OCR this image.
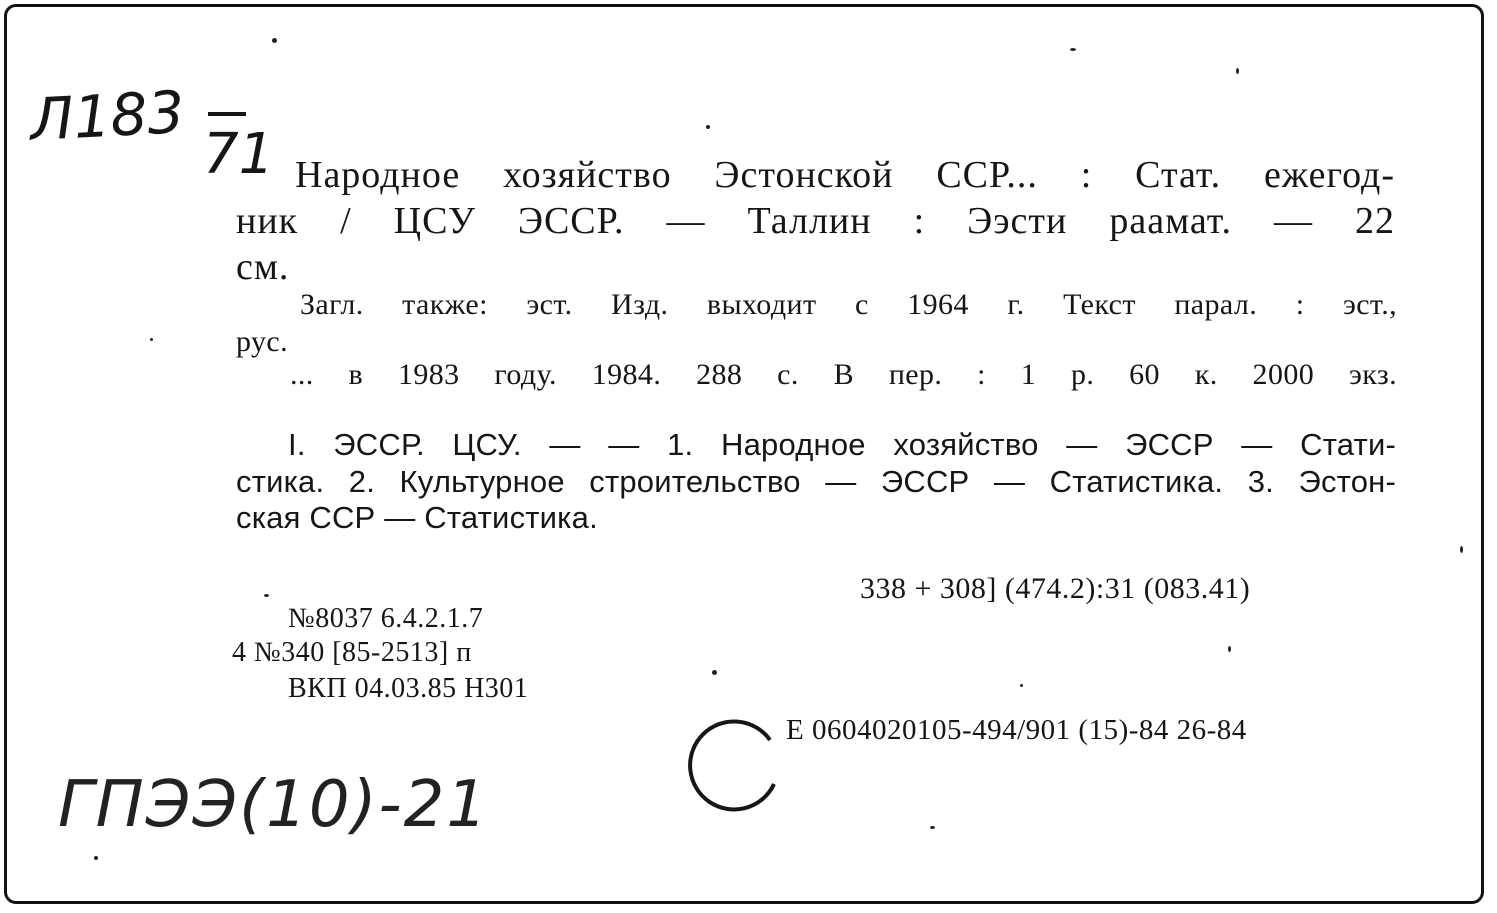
Л183
71 Народное хозяйство Эстонской ССР... : Стат. ежегод-
ник / ЦСУ ЭССР. — Таллин : Ээсти раамат. — 22
см.
Загл. также: эст. Изд. выходит с 1964 г. Текст парал. : эст.,
рус.
... в 1983 году. 1984. 288 с. В пер. : 1 р. 60 к. 2000 экз.
I. ЭССР. ЦСУ. — — 1. Народное хозяйство — ЭССР — Стати-
стика. 2. Культурное строительство — ЭССР — Статистика. 3. Эстон-
ская ССР — Статистика.
338 + 308] (474.2):31 (083.41)
№8037 6.4.2.1.7
4 №340 [85-2513] п
ВКП 04.03.85 Н301
Е 0604020105-494/901 (15)-84 26-84
ГПЭЭ(10)-21
